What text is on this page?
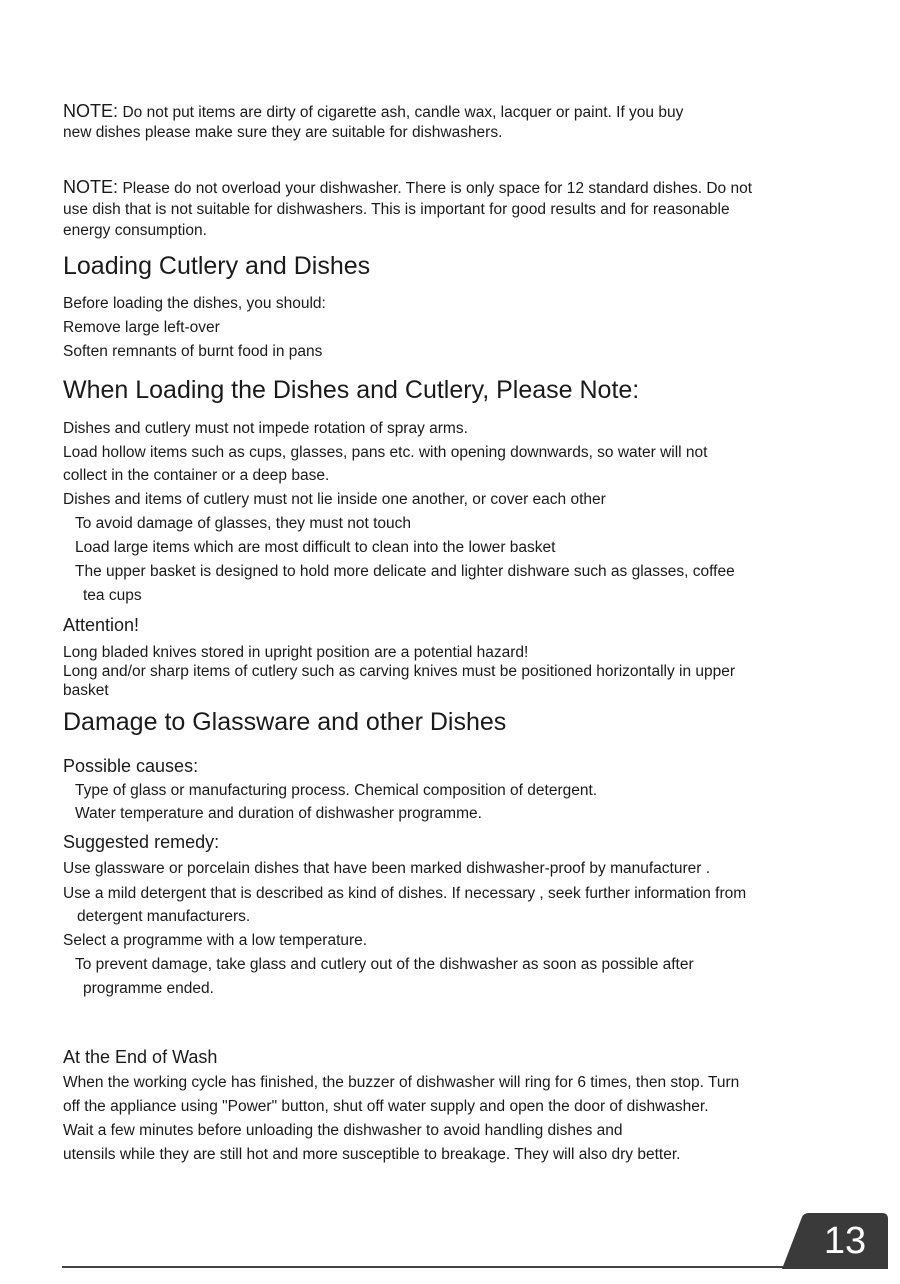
NOTE: Do not put items are dirty of cigarette ash, candle wax, lacquer or paint. If you buy
new dishes please make sure they are suitable for dishwashers.
NOTE: Please do not overload your dishwasher. There is only space for 12 standard dishes. Do not
use dish that is not suitable for dishwashers. This is important for good results and for reasonable
energy consumption.
Loading Cutlery and Dishes
Before loading the dishes, you should:
Remove large left-over
Soften remnants of burnt food in pans
When Loading the Dishes and Cutlery, Please Note:
Dishes and cutlery must not impede rotation of spray arms.
Load hollow items such as cups, glasses, pans etc. with opening downwards, so water will not
collect in the container or a deep base.
Dishes and items of cutlery must not lie inside one another, or cover each other
To avoid damage of glasses, they must not touch
Load large items which are most difficult to clean into the lower basket
The upper basket is designed to hold more delicate and lighter dishware such as glasses, coffee
tea cups
Attention!
Long bladed knives stored in upright position are a potential hazard!
Long and/or sharp items of cutlery such as carving knives must be positioned horizontally in upper
basket
Damage to Glassware and other Dishes
Possible causes:
Type of glass or manufacturing process. Chemical composition of detergent.
Water temperature and duration of dishwasher programme.
Suggested remedy:
Use glassware or porcelain dishes that have been marked dishwasher-proof by manufacturer .
Use a mild detergent that is described as kind of dishes. If necessary , seek further information from
detergent manufacturers.
Select a programme with a low temperature.
To prevent damage, take glass and cutlery out of the dishwasher as soon as possible after
programme ended.
At the End of Wash
When the working cycle has finished, the buzzer of dishwasher will ring for 6 times, then stop. Turn
off the appliance using "Power" button, shut off water supply and open the door of dishwasher.
Wait a few minutes before unloading the dishwasher to avoid handling dishes and
utensils while they are still hot and more susceptible to breakage. They will also dry better.
13
